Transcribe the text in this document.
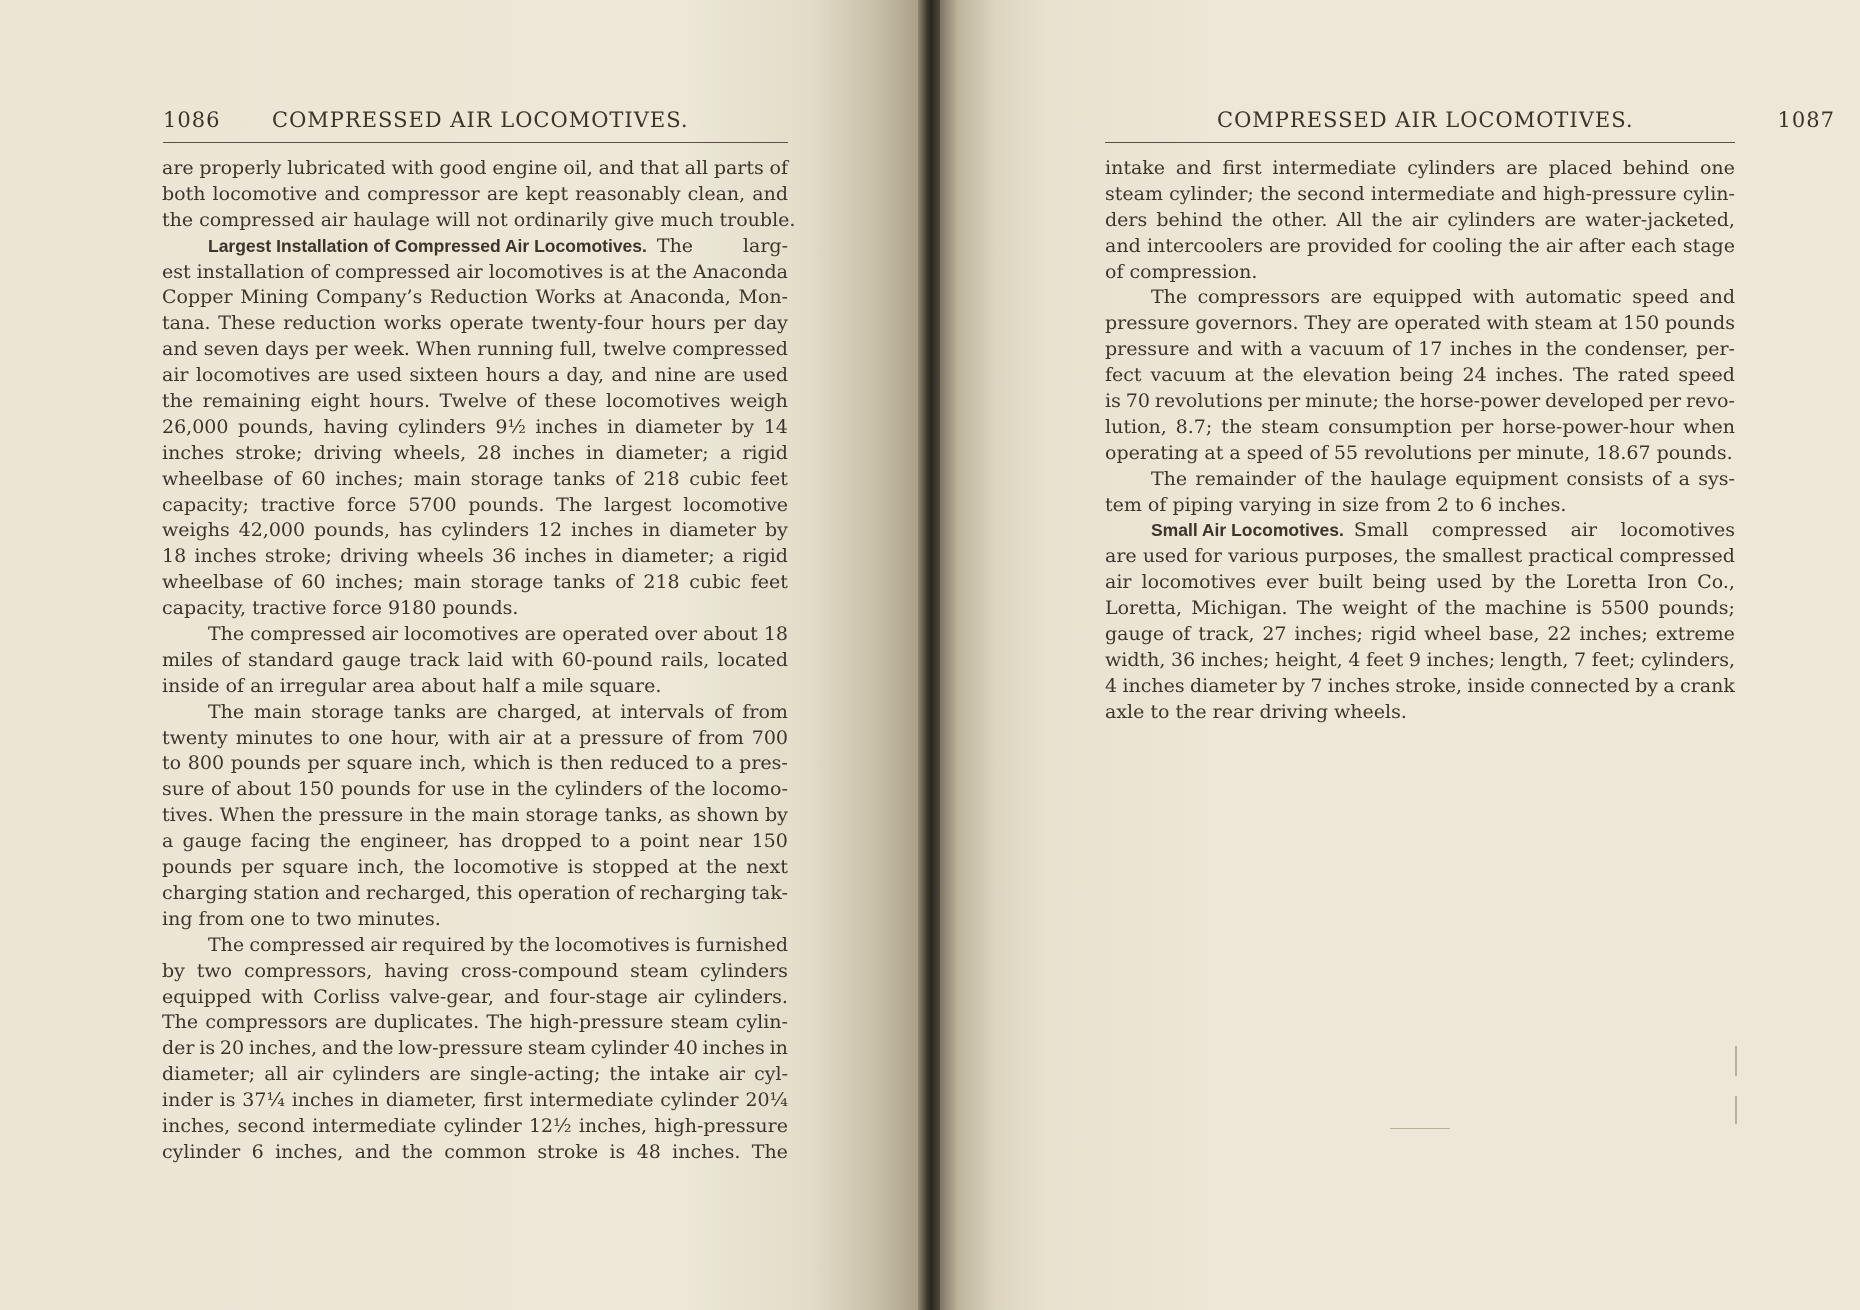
1086 COMPRESSED AIR LOCOMOTIVES.
are properly lubricated with good engine oil, and that all parts of
both locomotive and compressor are kept reasonably clean, and
the compressed air haulage will not ordinarily give much trouble.
Largest Installation of Compressed Air Locomotives. The	larg-
est installation of compressed air locomotives is at the Anaconda
Copper Mining Company’s Reduction Works at Anaconda, Mon-
tana. These reduction works operate twenty-four hours per day
and seven days per week. When running full, twelve compressed
air locomotives are used sixteen hours a day, and nine are used
the remaining eight hours. Twelve of these locomotives weigh
26,000 pounds, having cylinders 9½ inches in diameter by 14
inches stroke; driving wheels, 28 inches in diameter; a rigid
wheelbase of 60 inches; main storage tanks of 218 cubic feet
capacity; tractive force 5700 pounds. The largest locomotive
weighs 42,000 pounds, has cylinders 12 inches in diameter by
18 inches stroke; driving wheels 36 inches in diameter; a rigid
wheelbase of 60 inches; main storage tanks of 218 cubic feet
capacity, tractive force 9180 pounds.
The compressed air locomotives are operated over about 18
miles of standard gauge track laid with 60-pound rails, located
inside of an irregular area about half a mile square.
The main storage tanks are charged, at intervals of from
twenty minutes to one hour, with air at a pressure of from 700
to 800 pounds per square inch, which is then reduced to a pres-
sure of about 150 pounds for use in the cylinders of the locomo-
tives. When the pressure in the main storage tanks, as shown by
a gauge facing the engineer, has dropped to a point near 150
pounds per square inch, the locomotive is stopped at the next
charging station and recharged, this operation of recharging tak-
ing from one to two minutes.
The compressed air required by the locomotives is furnished
by two compressors, having cross-compound steam cylinders
equipped with Corliss valve-gear, and four-stage air cylinders.
The compressors are duplicates. The high-pressure steam cylin-
der is 20 inches, and the low-pressure steam cylinder 40 inches in
diameter; all air cylinders are single-acting; the intake air cyl-
inder is 37¼ inches in diameter, first intermediate cylinder 20¼
inches, second intermediate cylinder 12½ inches, high-pressure
cylinder 6 inches, and the common stroke is 48 inches. The
COMPRESSED AIR LOCOMOTIVES.	1087
intake and first intermediate cylinders are placed behind one
steam cylinder; the second intermediate and high-pressure cylin-
ders behind the other. All the air cylinders are water-jacketed,
and intercoolers are provided for cooling the air after each stage
of compression.
The compressors are equipped with automatic speed and
pressure governors. They are operated with steam at 150 pounds
pressure and with a vacuum of 17 inches in the condenser, per-
fect vacuum at the elevation being 24 inches. The rated speed
is 70 revolutions per minute; the horse-power developed per revo-
lution, 8.7; the steam consumption per horse-power-hour when
operating at a speed of 55 revolutions per minute, 18.67 pounds.
The remainder of the haulage equipment consists of a sys-
tem of piping varying in size from 2 to 6 inches.
Small Air Locomotives. Small compressed air locomotives
are used for various purposes, the smallest practical compressed
air locomotives ever built being used by the Loretta Iron Co.,
Loretta, Michigan. The weight of the machine is 5500 pounds;
gauge of track, 27 inches; rigid wheel base, 22 inches; extreme
width, 36 inches; height, 4 feet 9 inches; length, 7 feet; cylinders,
4 inches diameter by 7 inches stroke, inside connected by a crank
axle to the rear driving wheels.
